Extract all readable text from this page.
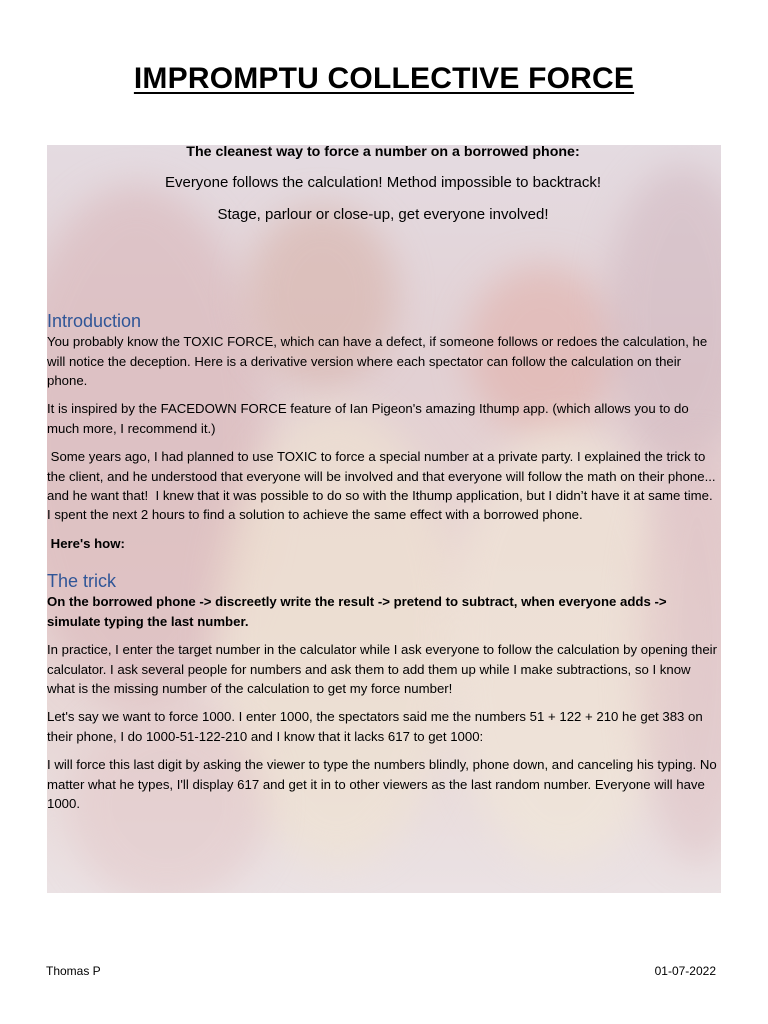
IMPROMPTU COLLECTIVE FORCE
The cleanest way to force a number on a borrowed phone:
Everyone follows the calculation! Method impossible to backtrack!
Stage, parlour or close-up, get everyone involved!
Introduction

You probably know the TOXIC FORCE, which can have a defect, if someone follows or redoes the calculation, he will notice the deception. Here is a derivative version where each spectator can follow the calculation on their phone.

It is inspired by the FACEDOWN FORCE feature of Ian Pigeon's amazing Ithump app. (which allows you to do much more, I recommend it.)

Some years ago, I had planned to use TOXIC to force a special number at a private party. I explained the trick to the client, and he understood that everyone will be involved and that everyone will follow the math on their phone... and he want that!  I knew that it was possible to do so with the Ithump application, but I didn’t have it at same time. I spent the next 2 hours to find a solution to achieve the same effect with a borrowed phone.

Here's how:

The trick

On the borrowed phone -> discreetly write the result -> pretend to subtract, when everyone adds -> simulate typing the last number.

In practice, I enter the target number in the calculator while I ask everyone to follow the calculation by opening their calculator. I ask several people for numbers and ask them to add them up while I make subtractions, so I know what is the missing number of the calculation to get my force number!

Let's say we want to force 1000. I enter 1000, the spectators said me the numbers 51 + 122 + 210 he get 383 on their phone, I do 1000-51-122-210 and I know that it lacks 617 to get 1000:

I will force this last digit by asking the viewer to type the numbers blindly, phone down, and canceling his typing. No matter what he types, I'll display 617 and get it in to other viewers as the last random number. Everyone will have 1000.

Thomas P	01-07-2022
